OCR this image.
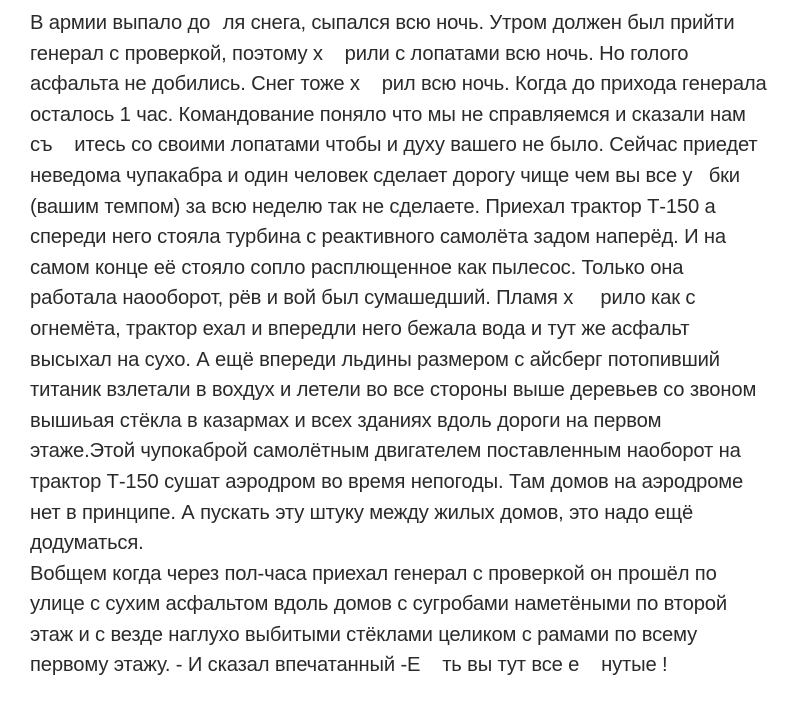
В армии выпало до   ля снега, сыпался всю ночь. Утром должен был прийти
генерал с проверкой, поэтому х    рили с лопатами всю ночь. Но голого
асфальта не добились. Снег тоже х    рил всю ночь. Когда до прихода генерала
осталось 1 час. Командование поняло что мы не справляемся и сказали нам
съ    итесь со своими лопатами чтобы и духу вашего не было. Сейчас приедет
неведома чупакабра и один человек сделает дорогу чище чем вы все у   бки
(вашим темпом) за всю неделю так не сделаете. Приехал трактор Т-150 а
спереди него стояла турбина с реактивного самолёта задом наперёд. И на
самом конце её стояло сопло расплющенное как пылесос. Только она
работала наооборот, рёв и вой был сумашедший. Пламя х     рило как с
огнемёта, трактор ехал и впередли него бежала вода и тут же асфальт
высыхал на сухо. А ещё впереди льдины размером с айсберг потопивший
титаник взлетали в вохдух и летели во все стороны выше деревьев со звоном
вышиьая стёкла в казармах и всех зданиях вдоль дороги на первом
этаже.Этой чупокаброй самолётным двигателем поставленным наоборот на
трактор Т-150 сушат аэродром во время непогоды. Там домов на аэродроме
нет в принципе. А пускать эту штуку между жилых домов, это надо ещё
додуматься.
Вобщем когда через пол-часа приехал генерал с проверкой он прошёл по
улице с сухим асфальтом вдоль домов с сугробами наметёными по второй
этаж и с везде наглухо выбитыми стёклами целиком с рамами по всему
первому этажу. - И сказал впечатанный -Е    ть вы тут все е    нутые !
